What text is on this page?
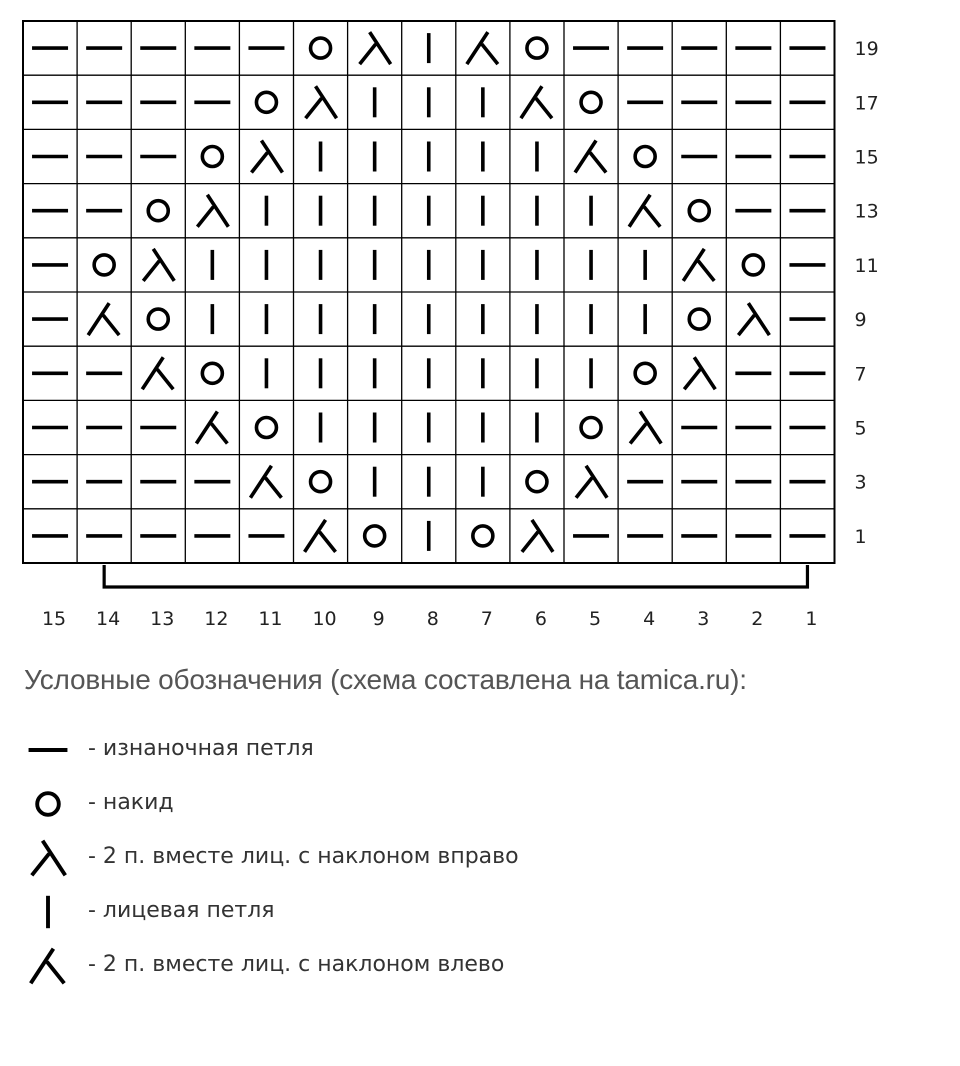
19
17
15
13
11
9
7
5
3
1
15 14 13 12 11 10 9 8 7 6 5 4 3 2 1
Условные обозначения (схема составлена на tamica.ru):
- изнаночная петля
- накид
- 2 п. вместе лиц. с наклоном вправо
- лицевая петля
- 2 п. вместе лиц. с наклоном влево
